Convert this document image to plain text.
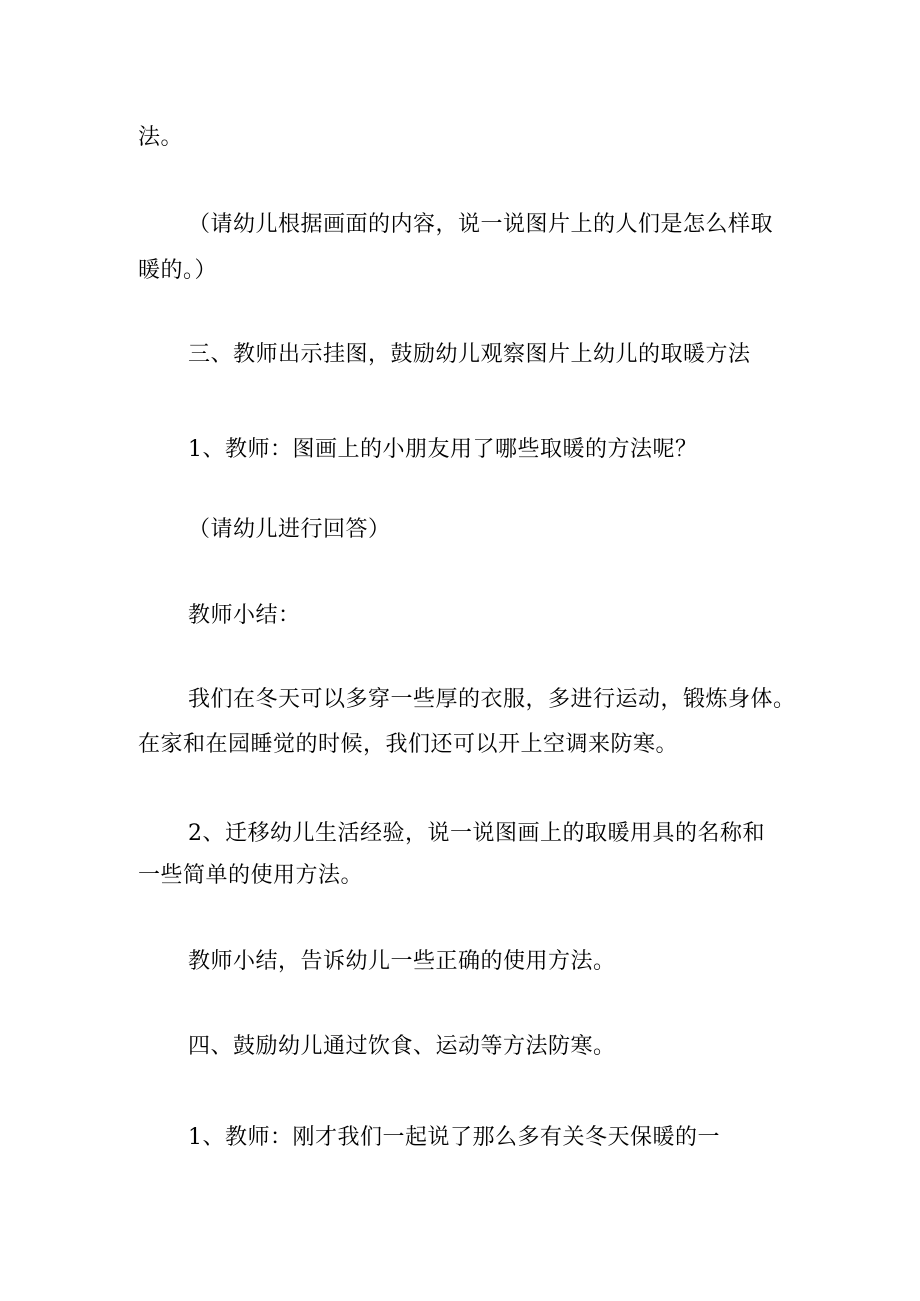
法。
（请幼儿根据画面的内容，说一说图片上的人们是怎么样取
暖的。）
三、教师出示挂图，鼓励幼儿观察图片上幼儿的取暖方法
1、教师：图画上的小朋友用了哪些取暖的方法呢？
（请幼儿进行回答）
教师小结：
我们在冬天可以多穿一些厚的衣服，多进行运动，锻炼身体。
在家和在园睡觉的时候，我们还可以开上空调来防寒。
2、迁移幼儿生活经验，说一说图画上的取暖用具的名称和
一些简单的使用方法。
教师小结，告诉幼儿一些正确的使用方法。
四、鼓励幼儿通过饮食、运动等方法防寒。
1、教师：刚才我们一起说了那么多有关冬天保暖的一
